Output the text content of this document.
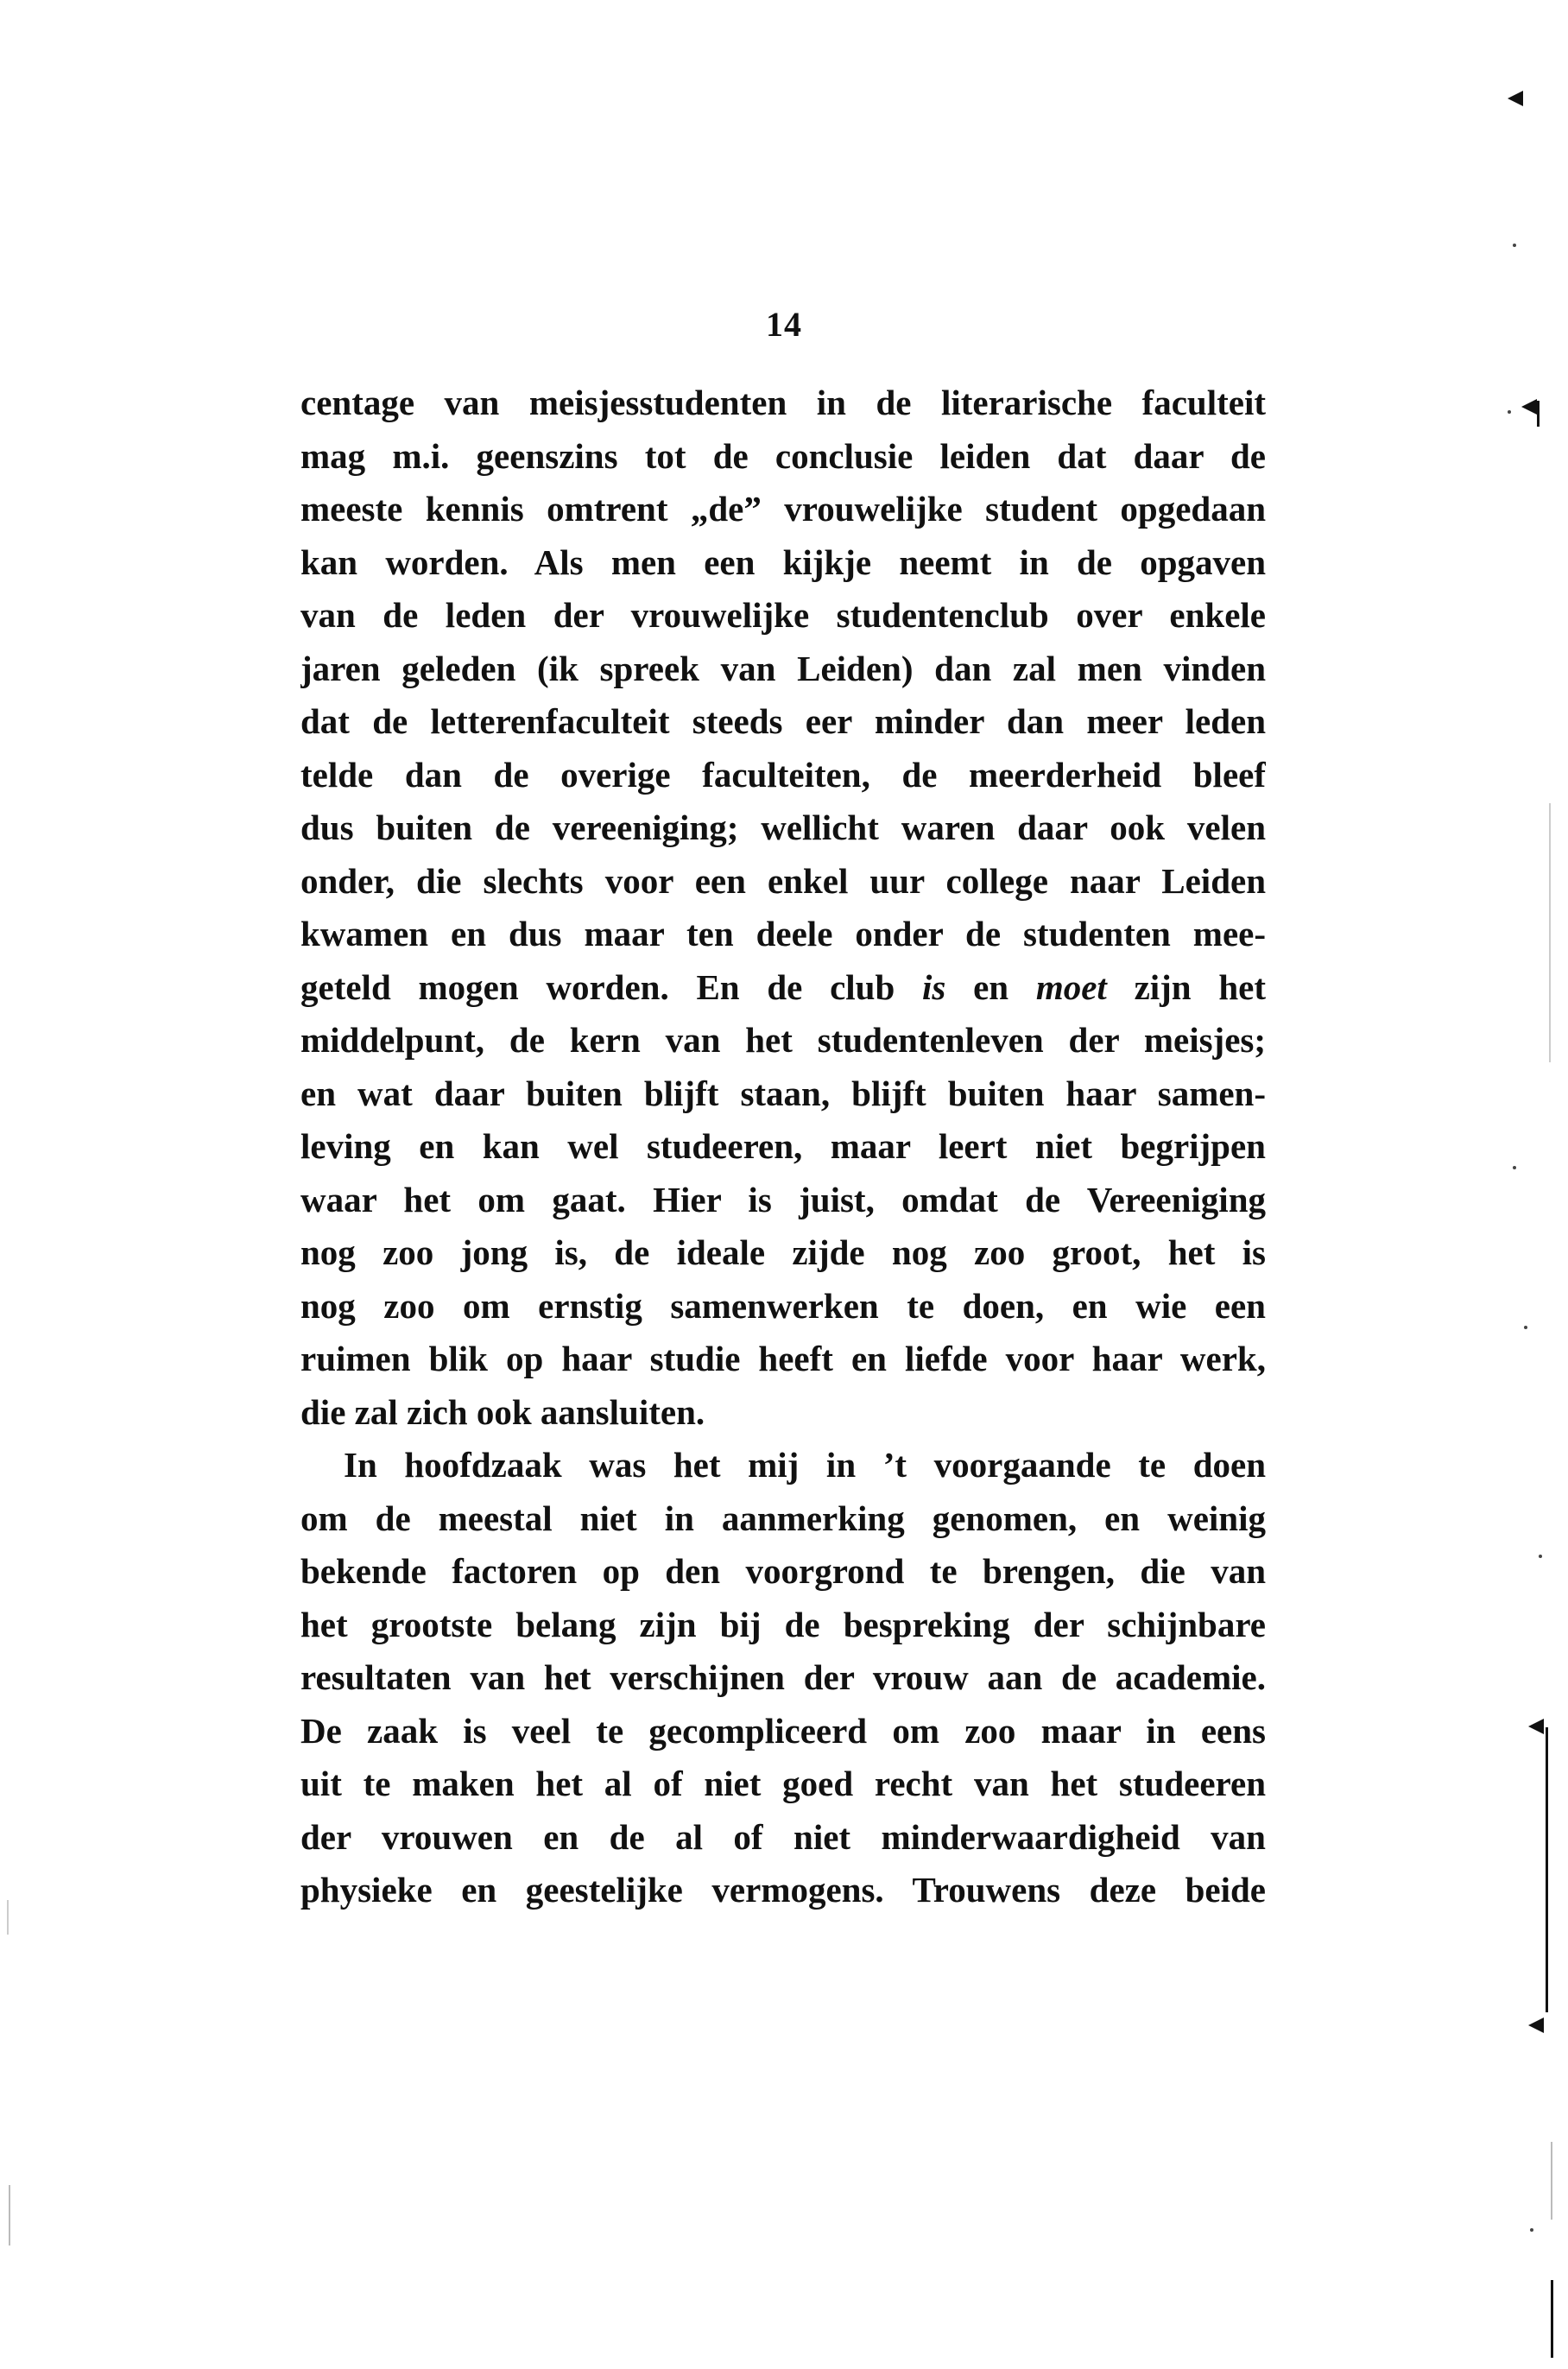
14
centage van meisjesstudenten in de literarische faculteit
mag m.i. geenszins tot de conclusie leiden dat daar de
meeste kennis omtrent „de” vrouwelijke student opgedaan
kan worden. Als men een kijkje neemt in de opgaven
van de leden der vrouwelijke studentenclub over enkele
jaren geleden (ik spreek van Leiden) dan zal men vinden
dat de letterenfaculteit steeds eer minder dan meer leden
telde dan de overige faculteiten, de meerderheid bleef
dus buiten de vereeniging; wellicht waren daar ook velen
onder, die slechts voor een enkel uur college naar Leiden
kwamen en dus maar ten deele onder de studenten mee-
geteld mogen worden. En de club is en moet zijn het
middelpunt, de kern van het studentenleven der meisjes;
en wat daar buiten blijft staan, blijft buiten haar samen-
leving en kan wel studeeren, maar leert niet begrijpen
waar het om gaat. Hier is juist, omdat de Vereeniging
nog zoo jong is, de ideale zijde nog zoo groot, het is
nog zoo om ernstig samenwerken te doen, en wie een
ruimen blik op haar studie heeft en liefde voor haar werk,
die zal zich ook aansluiten.
In hoofdzaak was het mij in ’t voorgaande te doen
om de meestal niet in aanmerking genomen, en weinig
bekende factoren op den voorgrond te brengen, die van
het grootste belang zijn bij de bespreking der schijnbare
resultaten van het verschijnen der vrouw aan de academie.
De zaak is veel te gecompliceerd om zoo maar in eens
uit te maken het al of niet goed recht van het studeeren
der vrouwen en de al of niet minderwaardigheid van
physieke en geestelijke vermogens. Trouwens deze beide
